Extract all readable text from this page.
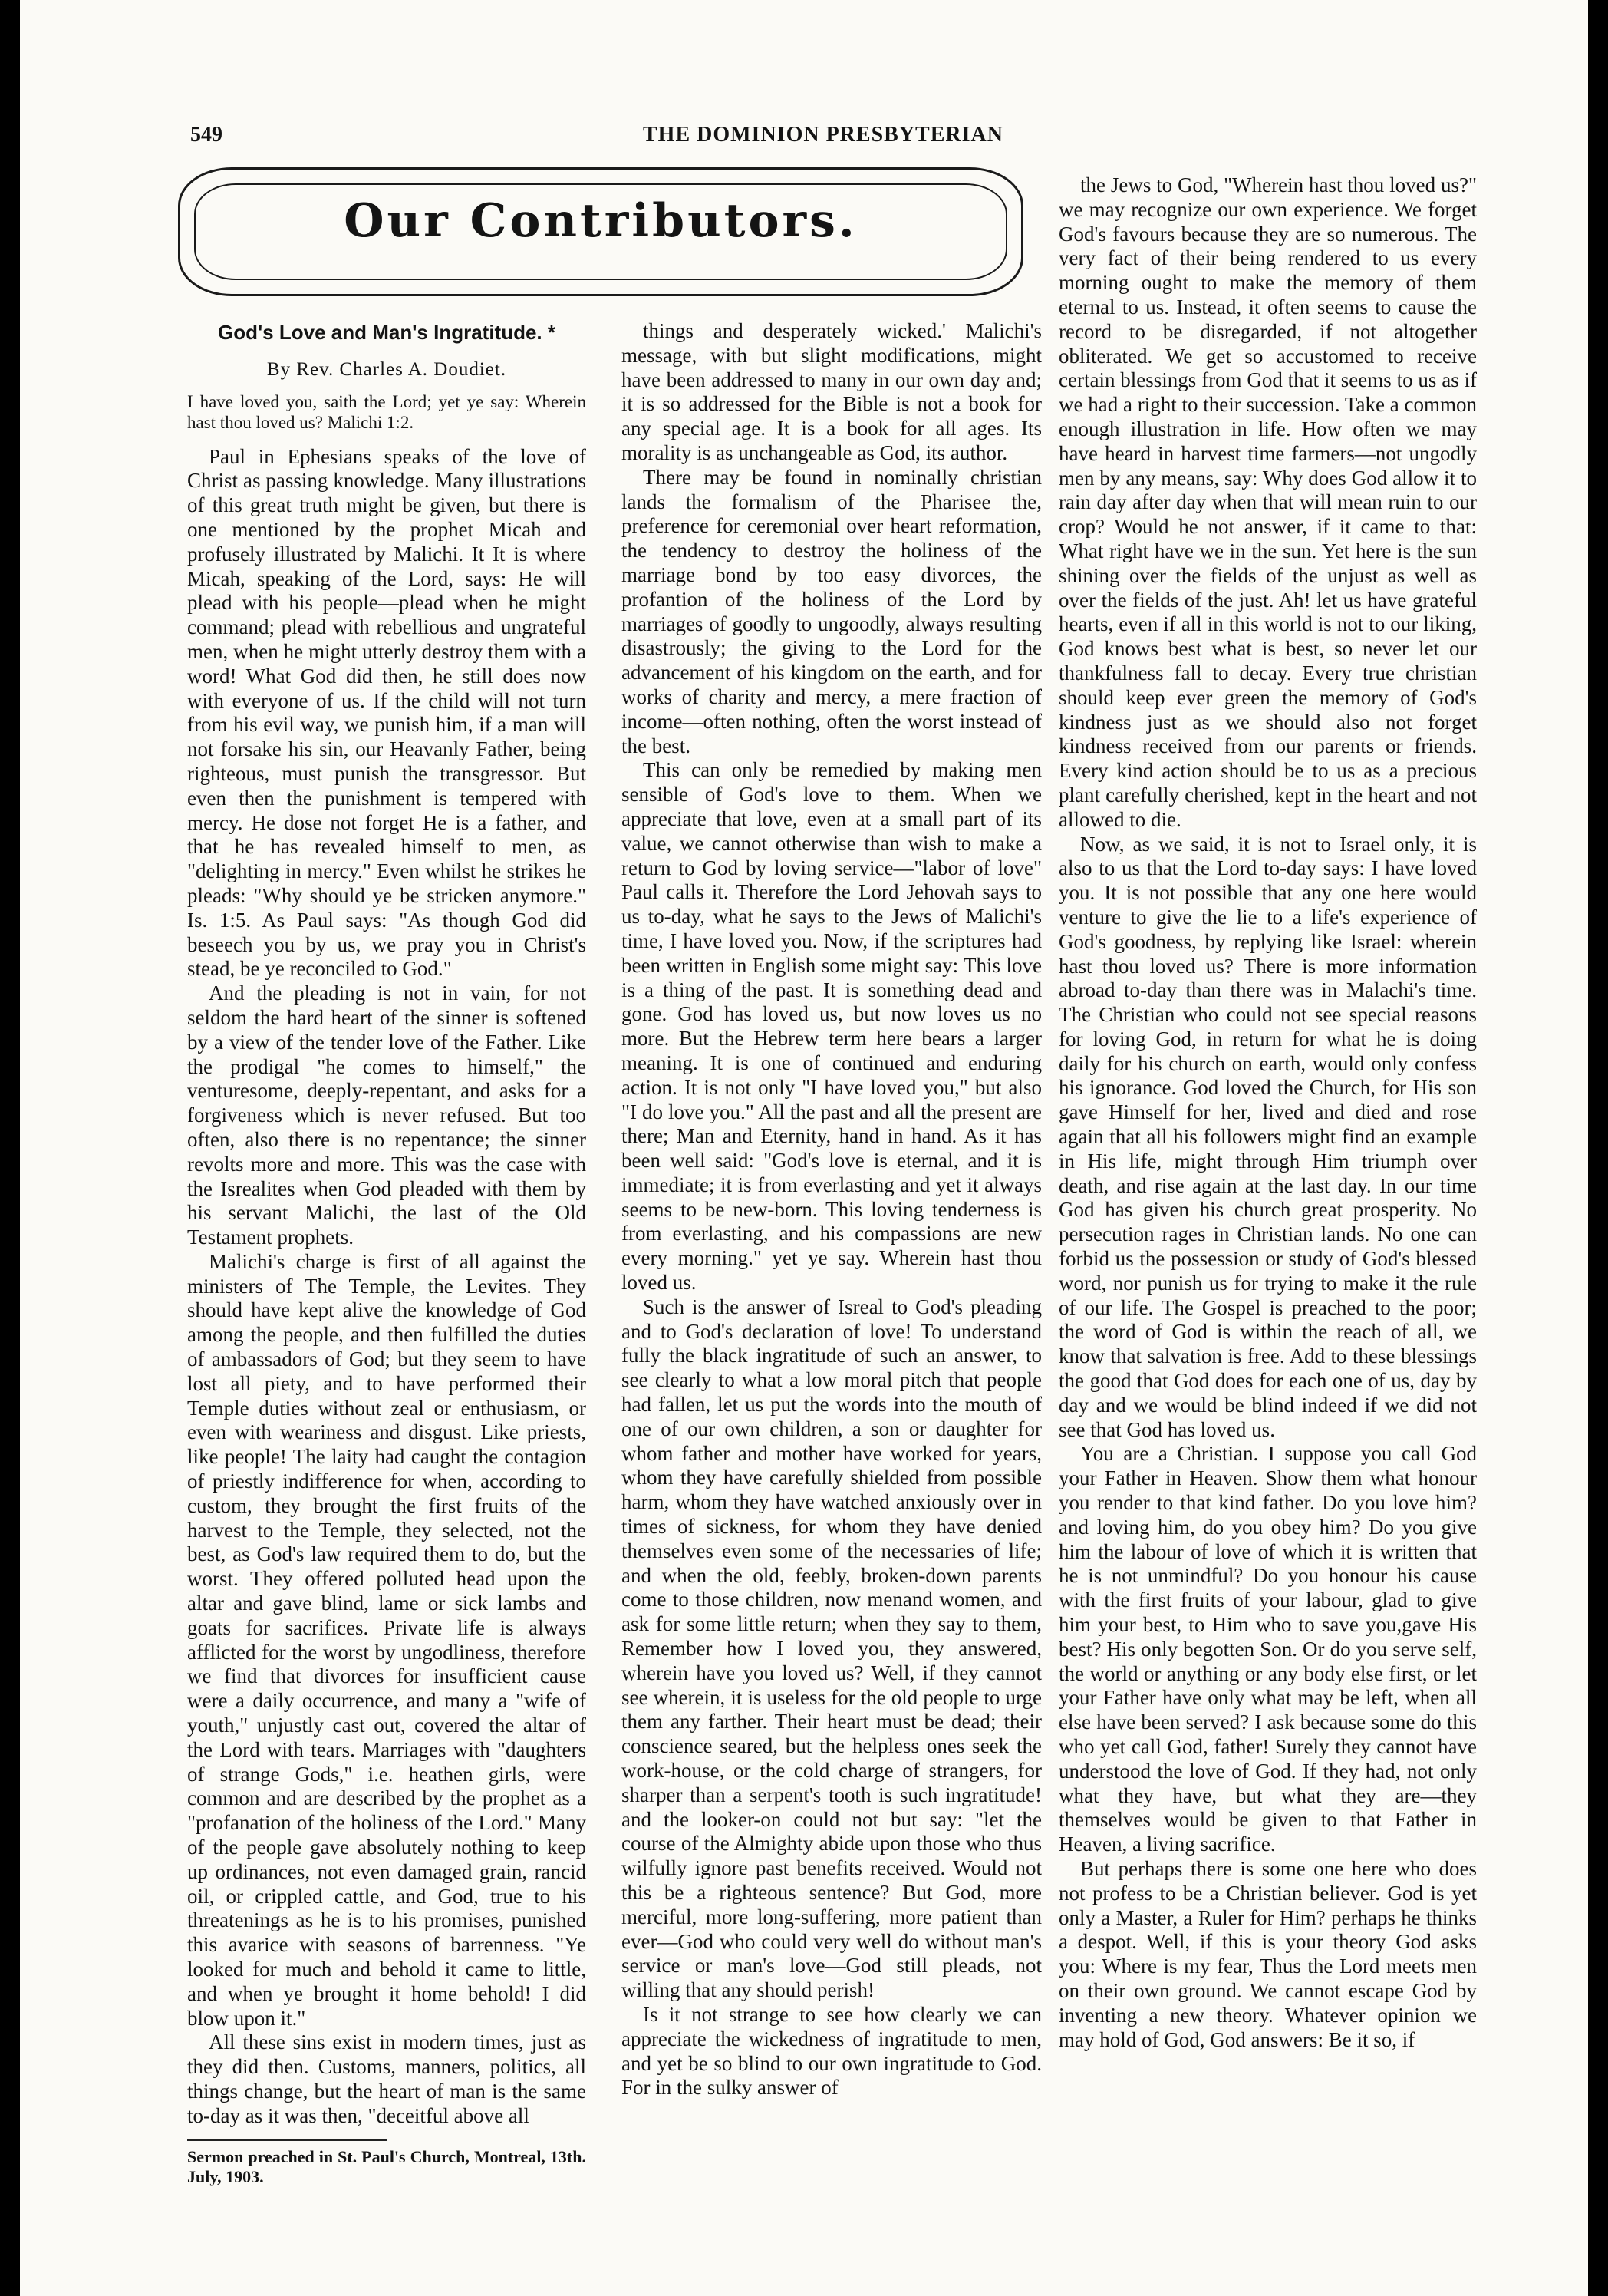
549	THE DOMINION PRESBYTERIAN
Our Contributors.
God's Love and Man's Ingratitude. *
By Rev. Charles A. Doudiet.

I have loved you, saith the Lord; yet ye say: Wherein hast thou loved us? Malichi 1:2.

Paul in Ephesians speaks of the love of Christ as passing knowledge. Many illustrations of this great truth might be given, but there is one mentioned by the prophet Micah and profusely illustrated by Malichi. It It is where Micah, speaking of the Lord, says: He will plead with his people—plead when he might command; plead with rebellious and ungrateful men, when he might utterly destroy them with a word! What God did then, he still does now with everyone of us. If the child will not turn from his evil way, we punish him, if a man will not forsake his sin, our Heavanly Father, being righteous, must punish the transgressor. But even then the punishment is tempered with mercy. He dose not forget He is a father, and that he has revealed himself to men, as "delighting in mercy." Even whilst he strikes he pleads: "Why should ye be stricken anymore." Is. 1:5. As Paul says: "As though God did beseech you by us, we pray you in Christ's stead, be ye reconciled to God."

And the pleading is not in vain, for not seldom the hard heart of the sinner is softened by a view of the tender love of the Father. Like the prodigal "he comes to himself," the venturesome, deeply-repentant, and asks for a forgiveness which is never refused. But too often, also there is no repentance; the sinner revolts more and more. This was the case with the Isrealites when God pleaded with them by his servant Malichi, the last of the Old Testament prophets.

Malichi's charge is first of all against the ministers of The Temple, the Levites. They should have kept alive the knowledge of God among the people, and then fulfilled the duties of ambassadors of God; but they seem to have lost all piety, and to have performed their Temple duties without zeal or enthusiasm, or even with weariness and disgust. Like priests, like people! The laity had caught the contagion of priestly indifference for when, according to custom, they brought the first fruits of the harvest to the Temple, they selected, not the best, as God's law required them to do, but the worst. They offered polluted head upon the altar and gave blind, lame or sick lambs and goats for sacrifices. Private life is always afflicted for the worst by ungodliness, therefore we find that divorces for insufficient cause were a daily occurrence, and many a "wife of youth," unjustly cast out, covered the altar of the Lord with tears. Marriages with "daughters of strange Gods," i.e. heathen girls, were common and are described by the prophet as a "profanation of the holiness of the Lord." Many of the people gave absolutely nothing to keep up ordinances, not even damaged grain, rancid oil, or crippled cattle, and God, true to his threatenings as he is to his promises, punished this avarice with seasons of barrenness. "Ye looked for much and behold it came to little, and when ye brought it home behold! I did blow upon it."

All these sins exist in modern times, just as they did then. Customs, manners, politics, all things change, but the heart of man is the same to-day as it was then, "deceitful above all

Sermon preached in St. Paul's Church, Montreal, 13th. July, 1903.

things and desperately wicked.' Malichi's message, with but slight modifications, might have been addressed to many in our own day and; it is so addressed for the Bible is not a book for any special age. It is a book for all ages. Its morality is as unchangeable as God, its author.

There may be found in nominally christian lands the formalism of the Pharisee the, preference for ceremonial over heart reformation, the tendency to destroy the holiness of the marriage bond by too easy divorces, the profantion of the holiness of the Lord by marriages of goodly to ungoodly, always resulting disastrously; the giving to the Lord for the advancement of his kingdom on the earth, and for works of charity and mercy, a mere fraction of income—often nothing, often the worst instead of the best.

This can only be remedied by making men sensible of God's love to them. When we appreciate that love, even at a small part of its value, we cannot otherwise than wish to make a return to God by loving service—"labor of love" Paul calls it. Therefore the Lord Jehovah says to us to-day, what he says to the Jews of Malichi's time, I have loved you. Now, if the scriptures had been written in English some might say: This love is a thing of the past. It is something dead and gone. God has loved us, but now loves us no more. But the Hebrew term here bears a larger meaning. It is one of continued and enduring action. It is not only "I have loved you," but also "I do love you." All the past and all the present are there; Man and Eternity, hand in hand. As it has been well said: "God's love is eternal, and it is immediate; it is from everlasting and yet it always seems to be new-born. This loving tenderness is from everlasting, and his compassions are new every morning." yet ye say. Wherein hast thou loved us.

Such is the answer of Isreal to God's pleading and to God's declaration of love! To understand fully the black ingratitude of such an answer, to see clearly to what a low moral pitch that people had fallen, let us put the words into the mouth of one of our own children, a son or daughter for whom father and mother have worked for years, whom they have carefully shielded from possible harm, whom they have watched anxiously over in times of sickness, for whom they have denied themselves even some of the necessaries of life; and when the old, feebly, broken-down parents come to those children, now menand women, and ask for some little return; when they say to them, Remember how I loved you, they answered, wherein have you loved us? Well, if they cannot see wherein, it is useless for the old people to urge them any farther. Their heart must be dead; their conscience seared, but the helpless ones seek the work-house, or the cold charge of strangers, for sharper than a serpent's tooth is such ingratitude! and the looker-on could not but say: "let the course of the Almighty abide upon those who thus wilfully ignore past benefits received. Would not this be a righteous sentence? But God, more merciful, more long-suffering, more patient than ever—God who could very well do without man's service or man's love—God still pleads, not willing that any should perish!

Is it not strange to see how clearly we can appreciate the wickedness of ingratitude to men, and yet be so blind to our own ingratitude to God. For in the sulky answer of

the Jews to God, "Wherein hast thou loved us?" we may recognize our own experience. We forget God's favours because they are so numerous. The very fact of their being rendered to us every morning ought to make the memory of them eternal to us. Instead, it often seems to cause the record to be disregarded, if not altogether obliterated. We get so accustomed to receive certain blessings from God that it seems to us as if we had a right to their succession. Take a common enough illustration in life. How often we may have heard in harvest time farmers—not ungodly men by any means, say: Why does God allow it to rain day after day when that will mean ruin to our crop? Would he not answer, if it came to that: What right have we in the sun. Yet here is the sun shining over the fields of the unjust as well as over the fields of the just. Ah! let us have grateful hearts, even if all in this world is not to our liking, God knows best what is best, so never let our thankfulness fall to decay. Every true christian should keep ever green the memory of God's kindness just as we should also not forget kindness received from our parents or friends. Every kind action should be to us as a precious plant carefully cherished, kept in the heart and not allowed to die.

Now, as we said, it is not to Israel only, it is also to us that the Lord to-day says: I have loved you. It is not possible that any one here would venture to give the lie to a life's experience of God's goodness, by replying like Israel: wherein hast thou loved us? There is more information abroad to-day than there was in Malachi's time. The Christian who could not see special reasons for loving God, in return for what he is doing daily for his church on earth, would only confess his ignorance. God loved the Church, for His son gave Himself for her, lived and died and rose again that all his followers might find an example in His life, might through Him triumph over death, and rise again at the last day. In our time God has given his church great prosperity. No persecution rages in Christian lands. No one can forbid us the possession or study of God's blessed word, nor punish us for trying to make it the rule of our life. The Gospel is preached to the poor; the word of God is within the reach of all, we know that salvation is free. Add to these blessings the good that God does for each one of us, day by day and we would be blind indeed if we did not see that God has loved us.

You are a Christian. I suppose you call God your Father in Heaven. Show them what honour you render to that kind father. Do you love him? and loving him, do you obey him? Do you give him the labour of love of which it is written that he is not unmindful? Do you honour his cause with the first fruits of your labour, glad to give him your best, to Him who to save you,gave His best? His only begotten Son. Or do you serve self, the world or anything or any body else first, or let your Father have only what may be left, when all else have been served? I ask because some do this who yet call God, father! Surely they cannot have understood the love of God. If they had, not only what they have, but what they are—they themselves would be given to that Father in Heaven, a living sacrifice.

But perhaps there is some one here who does not profess to be a Christian believer. God is yet only a Master, a Ruler for Him? perhaps he thinks a despot. Well, if this is your theory God asks you: Where is my fear, Thus the Lord meets men on their own ground. We cannot escape God by inventing a new theory. Whatever opinion we may hold of God, God answers: Be it so, if
